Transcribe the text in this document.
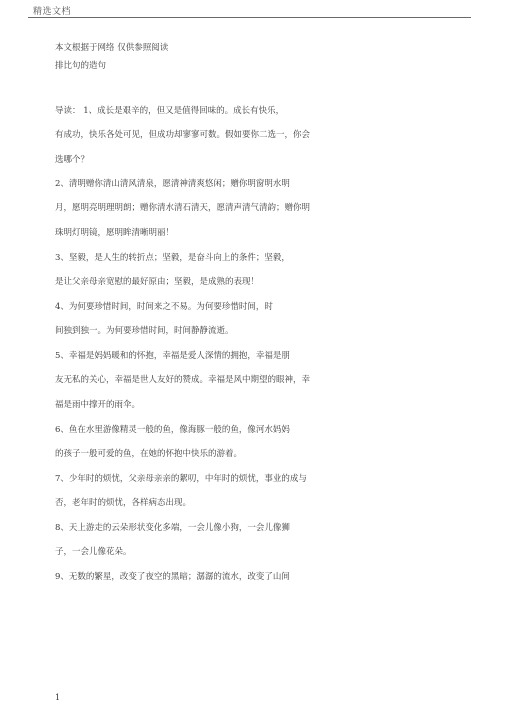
精选文档
本文根据于网络 仅供参照阅读
排比句的造句
导读： 1、成长是艰辛的，但又是值得回味的。成长有快乐，
有成功，快乐各处可见，但成功却寥寥可数。假如要你二选一，你会
选哪个？
2、清明赠你清山清风清泉，愿清神清爽悠闲；赠你明窗明水明
月，愿明亮明理明朗；赠你清水清石清天，愿清声清气清韵；赠你明
珠明灯明镜，愿明眸清晰明丽！
3、坚毅，是人生的转折点；坚毅，是奋斗向上的条件；坚毅，
是让父亲母亲宽慰的最好原由；坚毅，是成熟的表现！
4、为何要珍惜时间，时间来之不易。为何要珍惜时间，时
间独到独一。为何要珍惜时间，时间静静流逝。
5、幸福是妈妈暖和的怀抱，幸福是爱人深情的拥抱，幸福是朋
友无私的关心，幸福是世人友好的赞成。幸福是风中期望的眼神，幸
福是雨中撑开的雨伞。
6、鱼在水里游像精灵一般的鱼，像海豚一般的鱼，像河水妈妈
的孩子一般可爱的鱼，在她的怀抱中快乐的游着。
7、少年时的烦忧，父亲母亲亲的絮叨，中年时的烦忧，事业的成与
否，老年时的烦忧，各样病态出现。
8、天上游走的云朵形状变化多端，一会儿像小狗，一会儿像狮
子，一会儿像花朵。
9、无数的繁星，改变了夜空的黑暗；潺潺的流水，改变了山间
1
